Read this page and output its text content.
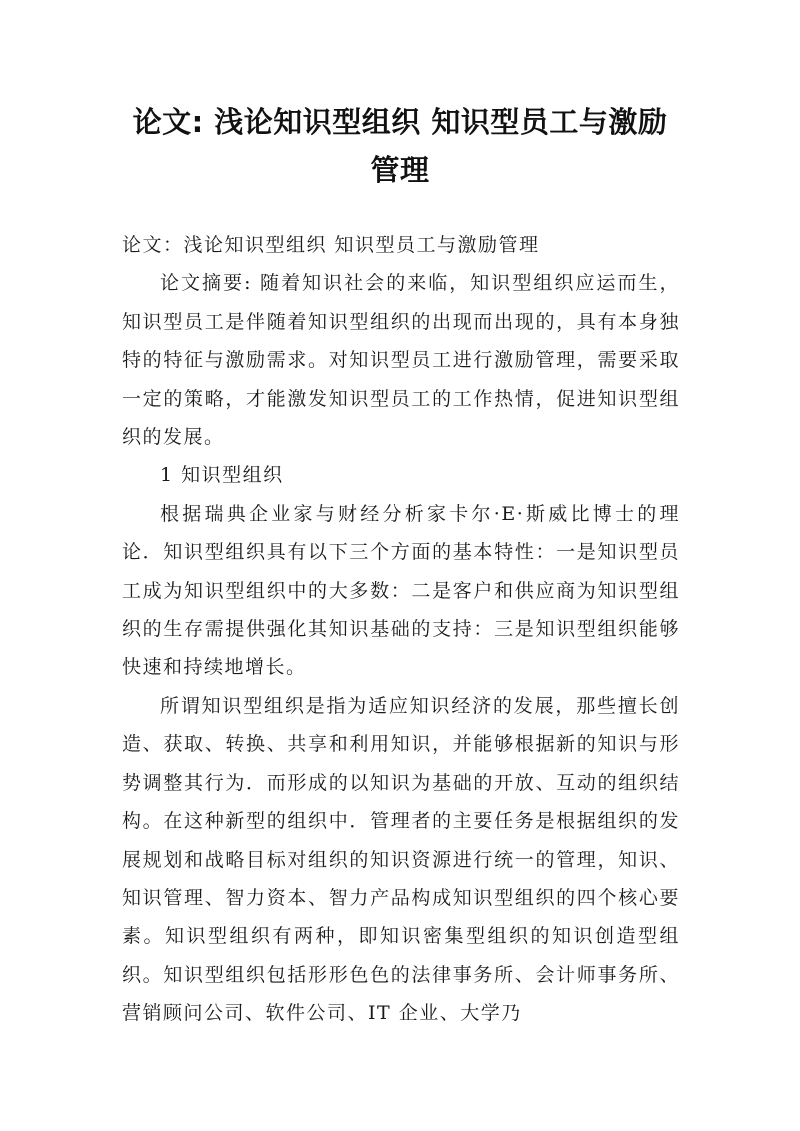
论文: 浅论知识型组织 知识型员工与激励管理

论文：浅论知识型组织 知识型员工与激励管理

论文摘要: 随着知识社会的来临，知识型组织应运而生，知识型员工是伴随着知识型组织的出现而出现的，具有本身独特的特征与激励需求。对知识型员工进行激励管理，需要采取一定的策略，才能激发知识型员工的工作热情，促进知识型组织的发展。

1 知识型组织

根据瑞典企业家与财经分析家卡尔·E·斯威比博士的理论．知识型组织具有以下三个方面的基本特性：一是知识型员工成为知识型组织中的大多数：二是客户和供应商为知识型组织的生存需提供强化其知识基础的支持：三是知识型组织能够快速和持续地增长。

所谓知识型组织是指为适应知识经济的发展，那些擅长创造、获取、转换、共享和利用知识，并能够根据新的知识与形势调整其行为．而形成的以知识为基础的开放、互动的组织结构。在这种新型的组织中．管理者的主要任务是根据组织的发展规划和战略目标对组织的知识资源进行统一的管理，知识、知识管理、智力资本、智力产品构成知识型组织的四个核心要素。知识型组织有两种，即知识密集型组织的知识创造型组织。知识型组织包括形形色色的法律事务所、会计师事务所、营销顾问公司、软件公司、IT 企业、大学乃
